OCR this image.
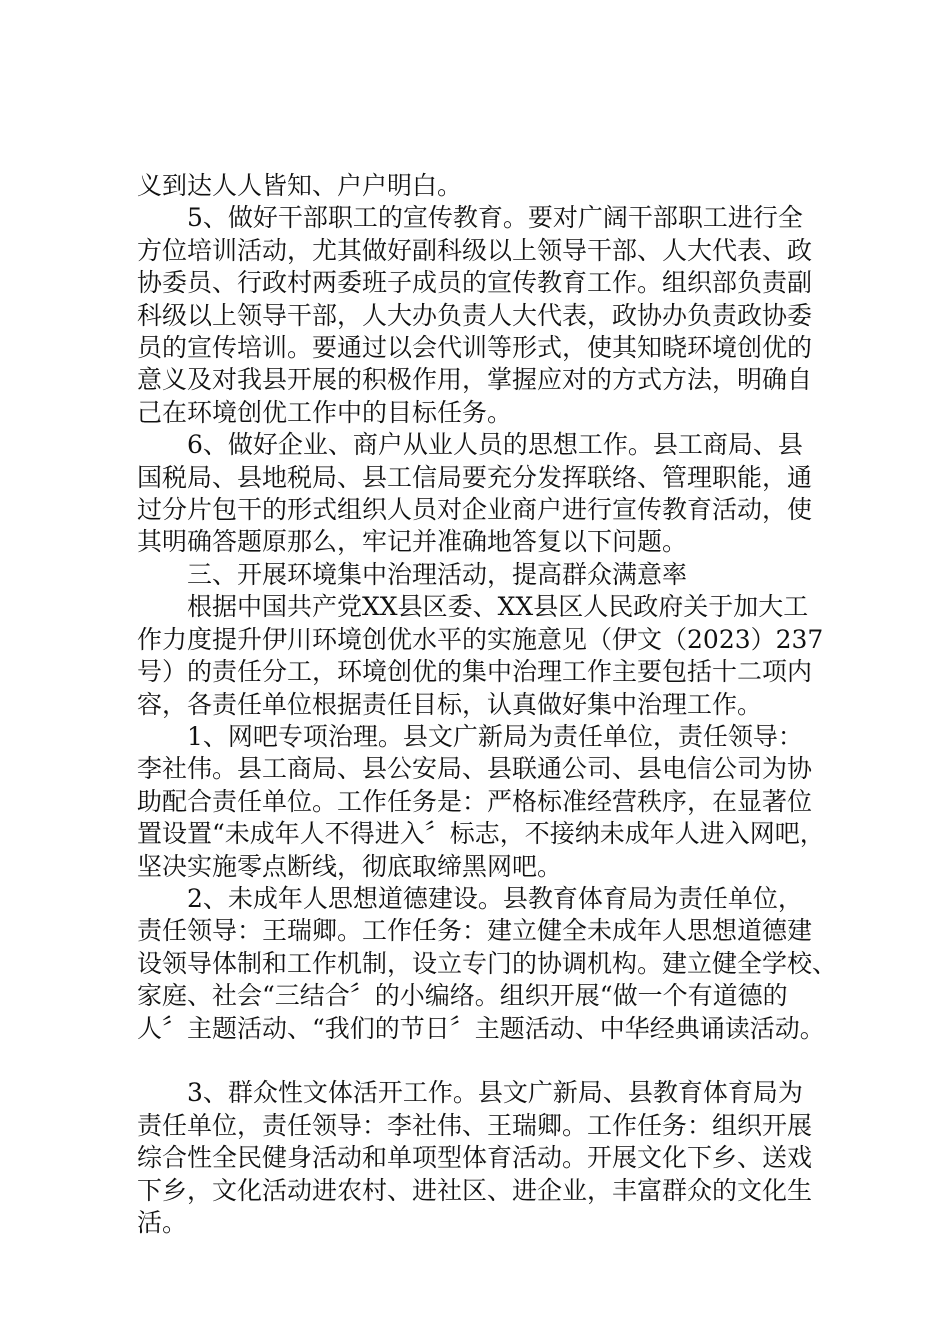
义到达人人皆知、户户明白。
5、做好干部职工的宣传教育。要对广阔干部职工进行全
方位培训活动，尤其做好副科级以上领导干部、人大代表、政
协委员、行政村两委班子成员的宣传教育工作。组织部负责副
科级以上领导干部，人大办负责人大代表，政协办负责政协委
员的宣传培训。要通过以会代训等形式，使其知晓环境创优的
意义及对我县开展的积极作用，掌握应对的方式方法，明确自
己在环境创优工作中的目标任务。
6、做好企业、商户从业人员的思想工作。县工商局、县
国税局、县地税局、县工信局要充分发挥联络、管理职能，通
过分片包干的形式组织人员对企业商户进行宣传教育活动，使
其明确答题原那么，牢记并准确地答复以下问题。
三、开展环境集中治理活动，提高群众满意率
根据中国共产党XX县区委、XX县区人民政府关于加大工
作力度提升伊川环境创优水平的实施意见（伊文（2023）237
号）的责任分工，环境创优的集中治理工作主要包括十二项内
容，各责任单位根据责任目标，认真做好集中治理工作。
1、网吧专项治理。县文广新局为责任单位，责任领导：
李社伟。县工商局、县公安局、县联通公司、县电信公司为协
助配合责任单位。工作任务是：严格标准经营秩序，在显著位
置设置“未成年人不得进入〞标志，不接纳未成年人进入网吧，
坚决实施零点断线，彻底取缔黑网吧。
2、未成年人思想道德建设。县教育体育局为责任单位，
责任领导：王瑞卿。工作任务：建立健全未成年人思想道德建
设领导体制和工作机制，设立专门的协调机构。建立健全学校、
家庭、社会“三结合〞的小编络。组织开展“做一个有道德的
人〞主题活动、“我们的节日〞主题活动、中华经典诵读活动。
3、群众性文体活开工作。县文广新局、县教育体育局为
责任单位，责任领导：李社伟、王瑞卿。工作任务：组织开展
综合性全民健身活动和单项型体育活动。开展文化下乡、送戏
下乡，文化活动进农村、进社区、进企业，丰富群众的文化生
活。
